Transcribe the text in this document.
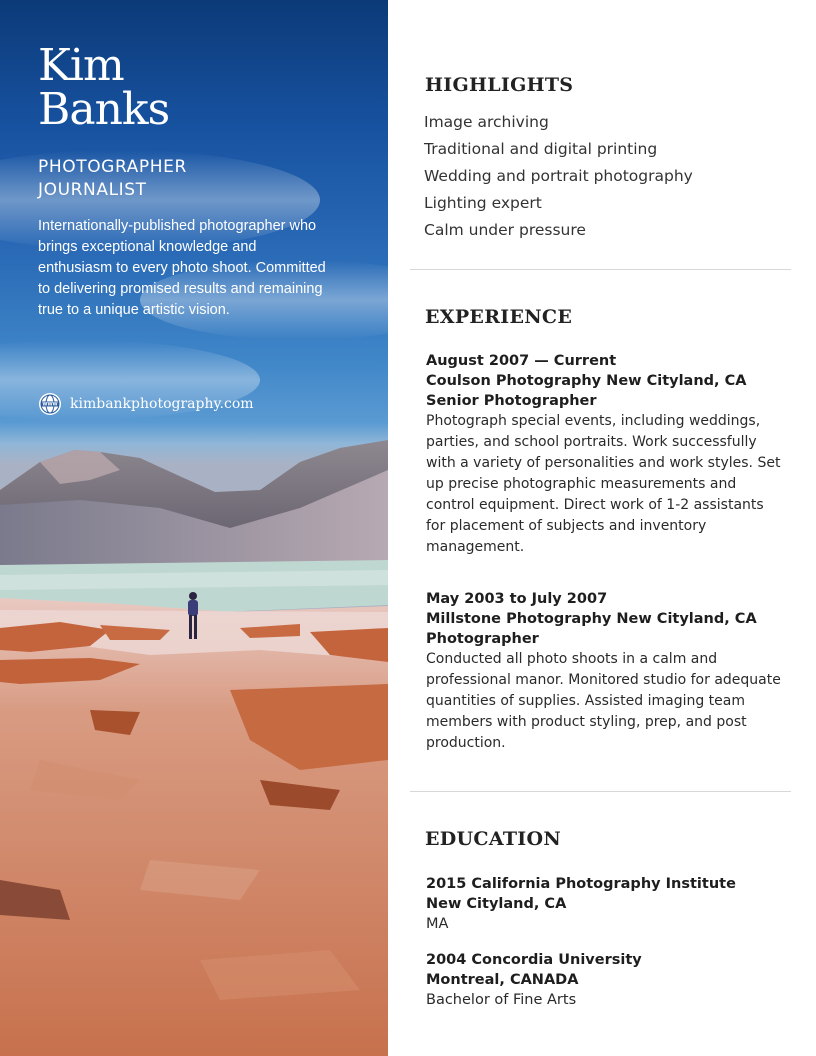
Kim
Banks
PHOTOGRAPHER
JOURNALIST

Internationally-published photographer who brings exceptional knowledge and enthusiasm to every photo shoot. Committed to delivering promised results and remaining true to a unique artistic vision.

WWW kimbankphotography.com
HIGHLIGHTS
Image archiving
Traditional and digital printing
Wedding and portrait photography
Lighting expert
Calm under pressure
EXPERIENCE

August 2007 — Current

Coulson Photography New Cityland, CA

Senior Photographer

Photograph special events, including weddings, parties, and school portraits. Work successfully with a variety of personalities and work styles. Set up precise photographic measurements and control equipment. Direct work of 1-2 assistants for placement of subjects and inventory management.

May 2003 to July 2007

Millstone Photography New Cityland, CA

Photographer

Conducted all photo shoots in a calm and professional manor. Monitored studio for adequate quantities of supplies. Assisted imaging team members with product styling, prep, and post production.

EDUCATION

2015 California Photography Institute

New Cityland, CA

MA

2004 Concordia University

Montreal, CANADA

Bachelor of Fine Arts
